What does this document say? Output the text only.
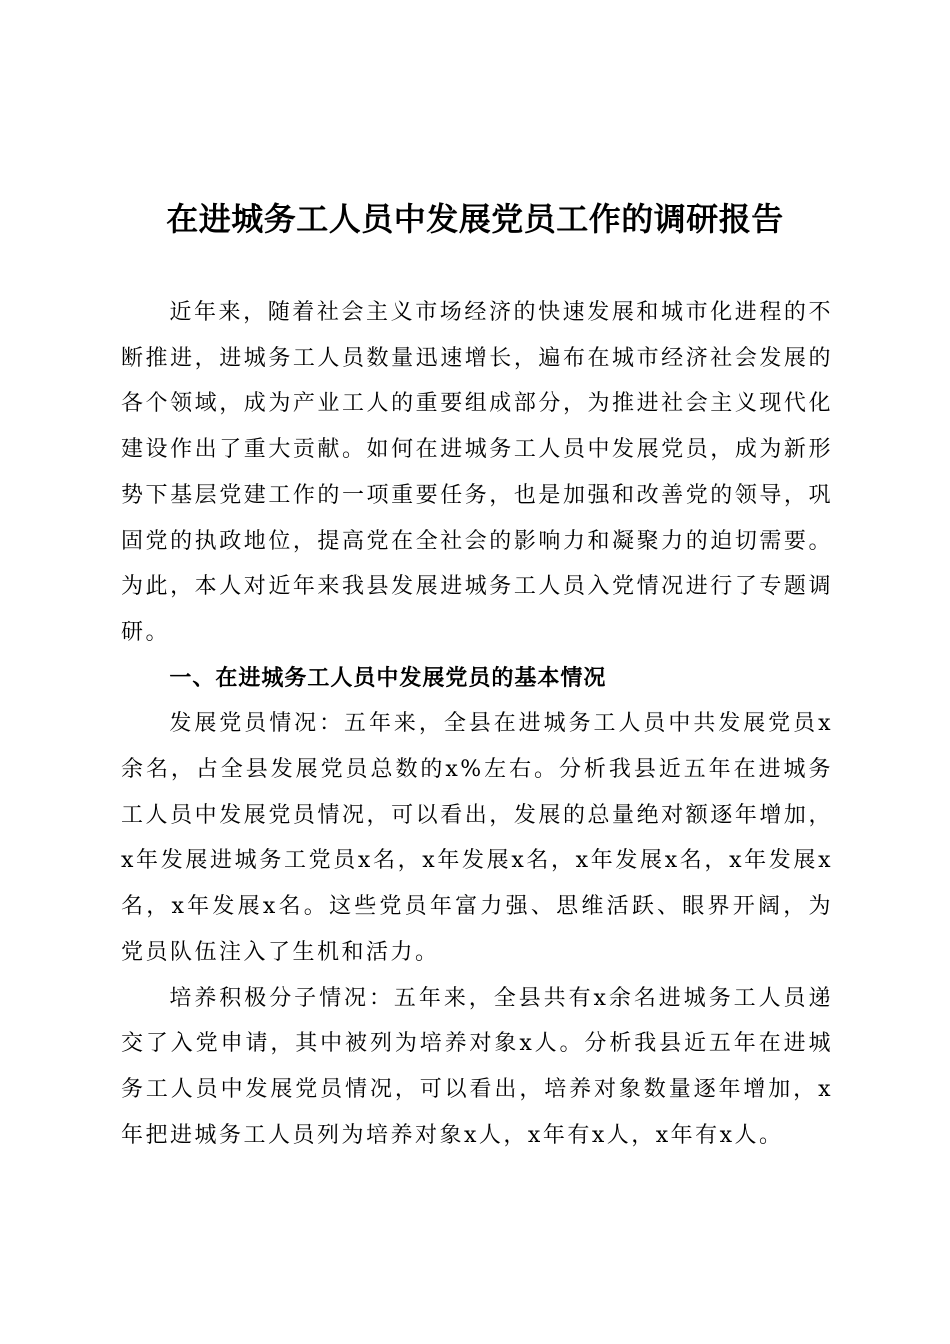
在进城务工人员中发展党员工作的调研报告

近年来，随着社会主义市场经济的快速发展和城市化进程的不断推进，进城务工人员数量迅速增长，遍布在城市经济社会发展的各个领域，成为产业工人的重要组成部分，为推进社会主义现代化建设作出了重大贡献。如何在进城务工人员中发展党员，成为新形势下基层党建工作的一项重要任务，也是加强和改善党的领导，巩固党的执政地位，提高党在全社会的影响力和凝聚力的迫切需要。为此，本人对近年来我县发展进城务工人员入党情况进行了专题调研。

一、在进城务工人员中发展党员的基本情况

发展党员情况：五年来，全县在进城务工人员中共发展党员x余名，占全县发展党员总数的x%左右。分析我县近五年在进城务工人员中发展党员情况，可以看出，发展的总量绝对额逐年增加，x年发展进城务工党员x名，x年发展x名，x年发展x名，x年发展x名，x年发展x名。这些党员年富力强、思维活跃、眼界开阔，为党员队伍注入了生机和活力。

培养积极分子情况：五年来，全县共有x余名进城务工人员递交了入党申请，其中被列为培养对象x人。分析我县近五年在进城务工人员中发展党员情况，可以看出，培养对象数量逐年增加，x年把进城务工人员列为培养对象x人，x年有x人，x年有x人。
